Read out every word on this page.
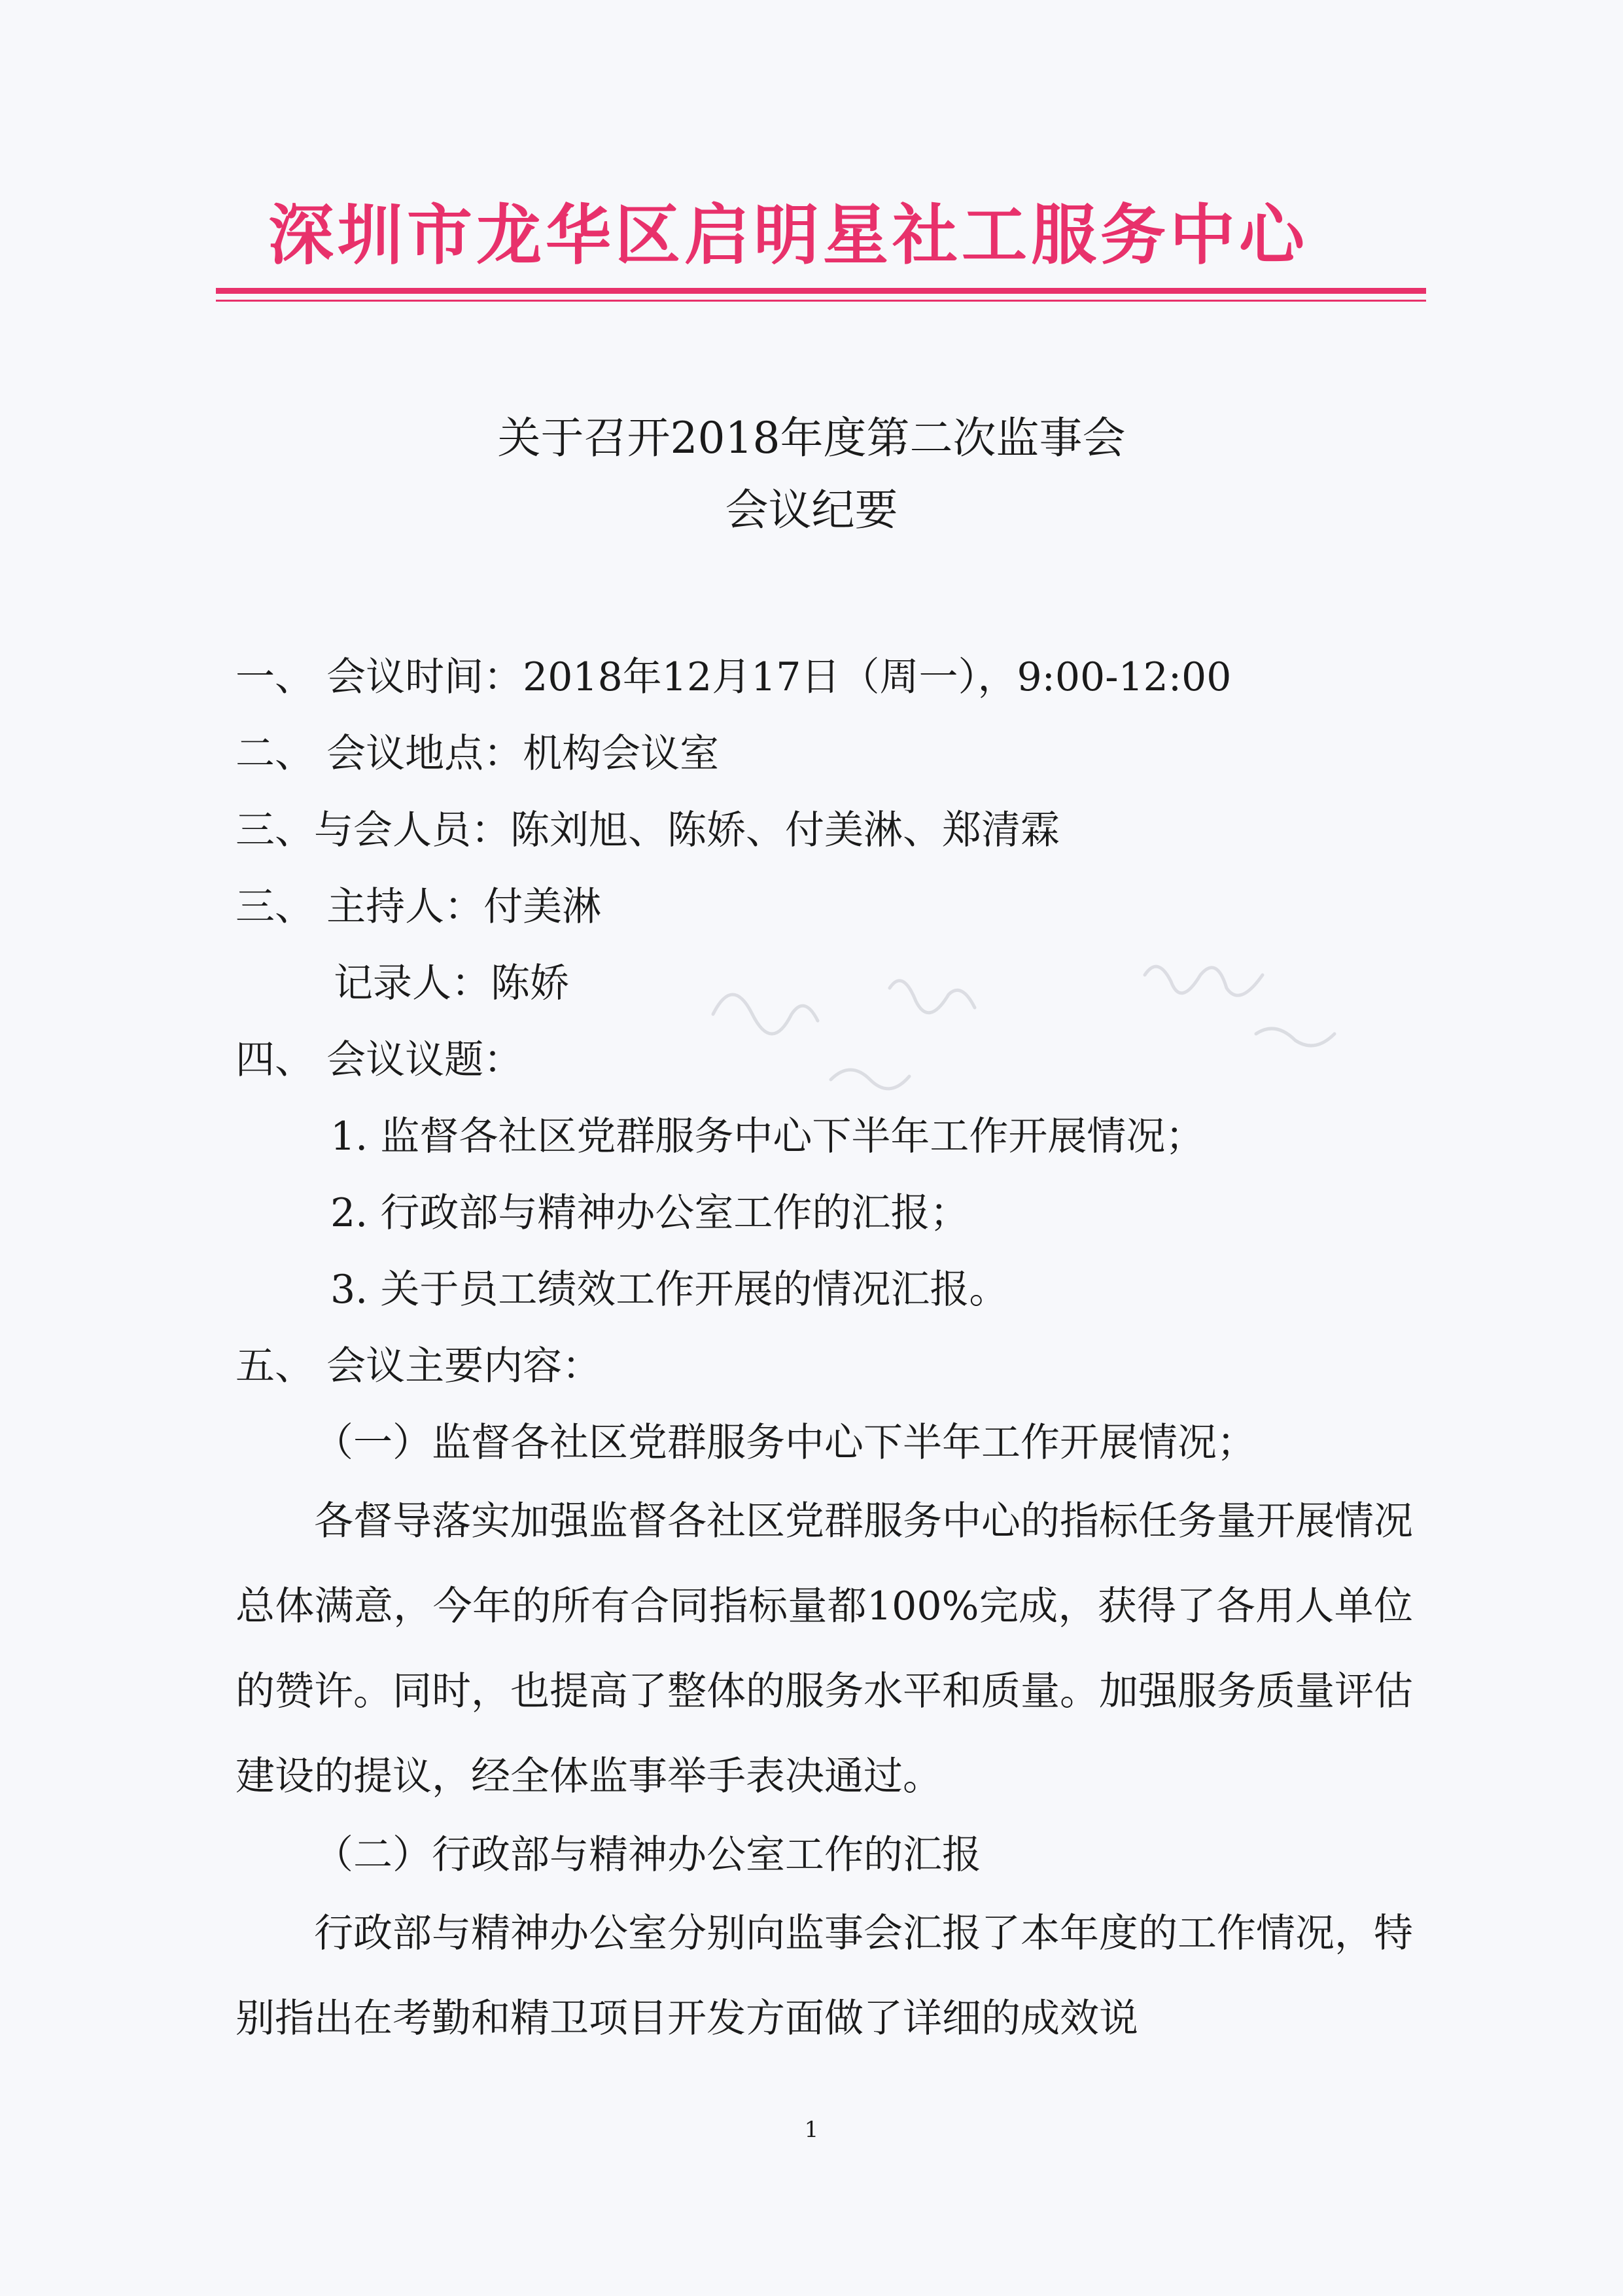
深圳市龙华区启明星社工服务中心
关于召开2018年度第二次监事会
会议纪要
一、 会议时间：2018年12月17日（周一），9:00-12:00
二、 会议地点：机构会议室
三、与会人员：陈刘旭、陈娇、付美淋、郑清霖
三、 主持人：付美淋
记录人：陈娇
四、 会议议题：
1. 监督各社区党群服务中心下半年工作开展情况；
2. 行政部与精神办公室工作的汇报；
3. 关于员工绩效工作开展的情况汇报。
五、 会议主要内容：
（一）监督各社区党群服务中心下半年工作开展情况；
各督导落实加强监督各社区党群服务中心的指标任务量开展情况总体满意，今年的所有合同指标量都100%完成，获得了各用人单位的赞许。同时，也提高了整体的服务水平和质量。加强服务质量评估建设的提议，经全体监事举手表决通过。
（二）行政部与精神办公室工作的汇报
行政部与精神办公室分别向监事会汇报了本年度的工作情况，特别指出在考勤和精卫项目开发方面做了详细的成效说
1
